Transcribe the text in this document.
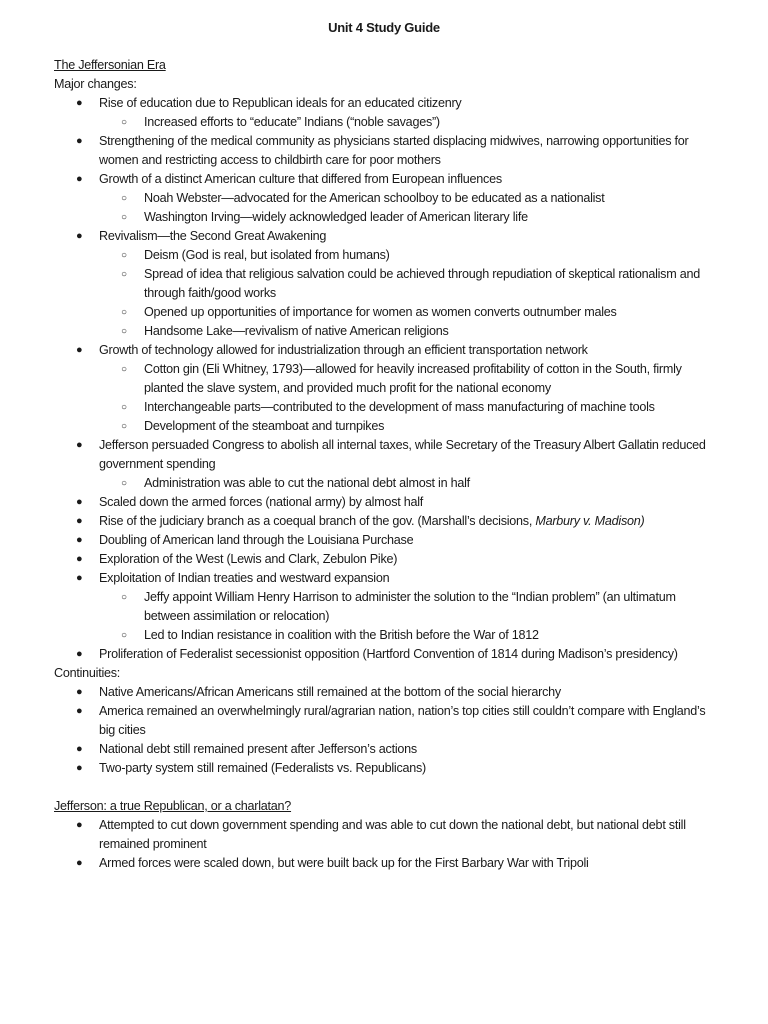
Unit 4 Study Guide
The Jeffersonian Era
Major changes:
● Rise of education due to Republican ideals for an educated citizenry
○ Increased efforts to “educate” Indians (“noble savages”)
● Strengthening of the medical community as physicians started displacing midwives, narrowing opportunities for women and restricting access to childbirth care for poor mothers
● Growth of a distinct American culture that differed from European influences
○ Noah Webster—advocated for the American schoolboy to be educated as a nationalist
○ Washington Irving—widely acknowledged leader of American literary life
● Revivalism—the Second Great Awakening
○ Deism (God is real, but isolated from humans)
○ Spread of idea that religious salvation could be achieved through repudiation of skeptical rationalism and through faith/good works
○ Opened up opportunities of importance for women as women converts outnumber males
○ Handsome Lake—revivalism of native American religions
● Growth of technology allowed for industrialization through an efficient transportation network
○ Cotton gin (Eli Whitney, 1793)—allowed for heavily increased profitability of cotton in the South, firmly planted the slave system, and provided much profit for the national economy
○ Interchangeable parts—contributed to the development of mass manufacturing of machine tools
○ Development of the steamboat and turnpikes
● Jefferson persuaded Congress to abolish all internal taxes, while Secretary of the Treasury Albert Gallatin reduced government spending
○ Administration was able to cut the national debt almost in half
● Scaled down the armed forces (national army) by almost half
● Rise of the judiciary branch as a coequal branch of the gov. (Marshall’s decisions, Marbury v. Madison)
● Doubling of American land through the Louisiana Purchase
● Exploration of the West (Lewis and Clark, Zebulon Pike)
● Exploitation of Indian treaties and westward expansion
○ Jeffy appoint William Henry Harrison to administer the solution to the “Indian problem” (an ultimatum between assimilation or relocation)
○ Led to Indian resistance in coalition with the British before the War of 1812
● Proliferation of Federalist secessionist opposition (Hartford Convention of 1814 during Madison’s presidency)
Continuities:
● Native Americans/African Americans still remained at the bottom of the social hierarchy
● America remained an overwhelmingly rural/agrarian nation, nation’s top cities still couldn’t compare with England’s big cities
● National debt still remained present after Jefferson’s actions
● Two-party system still remained (Federalists vs. Republicans)
Jefferson: a true Republican, or a charlatan?
● Attempted to cut down government spending and was able to cut down the national debt, but national debt still remained prominent
● Armed forces were scaled down, but were built back up for the First Barbary War with Tripoli
